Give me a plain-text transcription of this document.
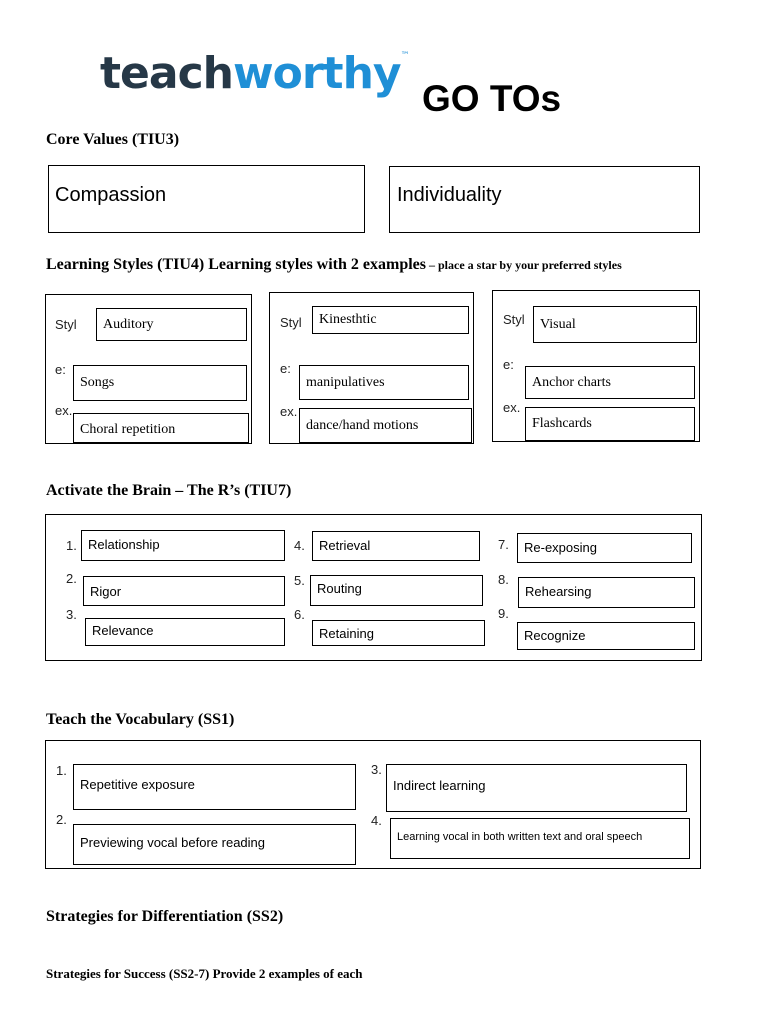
teachworthy™
GO TOs
Core Values (TIU3)
Compassion	Individuality
Learning Styles (TIU4) Learning styles with 2 examples – place a star by your preferred styles
Styl
e:
ex.
Auditory
Songs
Choral repetition
Styl
e:
ex.
Kinesthtic
manipulatives
dance/hand motions
Styl
e:
ex.
Visual
Anchor charts
Flashcards
Activate the Brain – The R’s (TIU7)
1. Relationship
2.
Rigor
3.
Relevance
4.	Retrieval
5.
Routing
6.
Retaining
7.	Re-exposing
8.
Rehearsing
9.
Recognize
Teach the Vocabulary (SS1)
1.
Repetitive exposure
2.
Previewing vocal before reading
3.
Indirect learning
4.
Learning vocal in both written text and oral speech
Strategies for Differentiation (SS2)
Strategies for Success (SS2-7) Provide 2 examples of each
